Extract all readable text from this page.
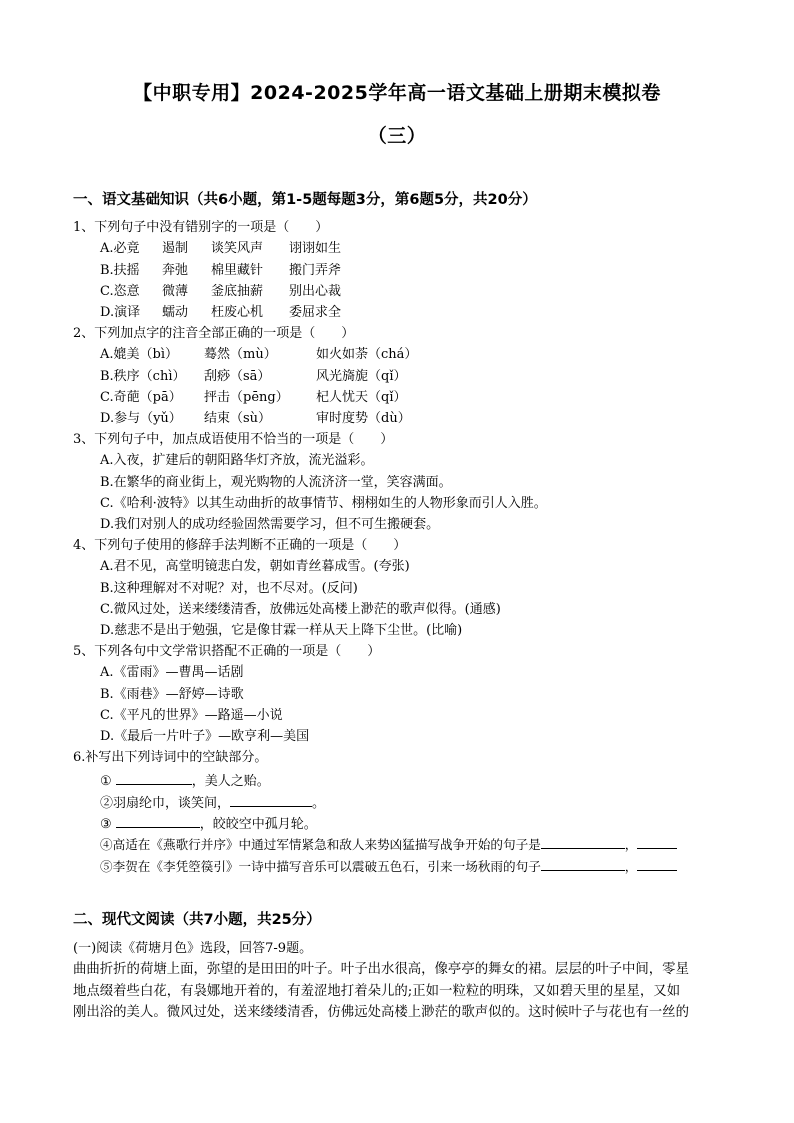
【中职专用】2024-2025学年高一语文基础上册期末模拟卷
（三）
一、语文基础知识（共6小题，第1-5题每题3分，第6题5分，共20分）
1、下列句子中没有错别字的一项是（　　）
A.必竟 遏制 谈笑风声 诩诩如生
B.扶摇 奔弛 棉里藏针 搬门弄斧
C.恣意 微薄 釜底抽薪 别出心裁
D.演译 蠕动 枉废心机 委屈求全
2、下列加点字的注音全部正确的一项是（　　）
A.媲美（bì） 蓦然（mù）	如火如荼（chá）
B.秩序（chì） 刮痧（sā）	风光旖旎（qǐ）
C.奇葩（pā） 抨击（pēng） 杞人忧天（qǐ）
D.参与（yǔ） 结束（sù）	审时度势（dù）
3、下列句子中，加点成语使用不恰当的一项是（　　）
A.入夜，扩建后的朝阳路华灯齐放，流光溢彩。
B.在繁华的商业街上，观光购物的人流济济一堂，笑容满面。
C.《哈利·波特》以其生动曲折的故事情节、栩栩如生的人物形象而引人入胜。
D.我们对别人的成功经验固然需要学习，但不可生搬硬套。
4、下列句子使用的修辞手法判断不正确的一项是（　　）
A.君不见，高堂明镜悲白发，朝如青丝暮成雪。(夸张)
B.这种理解对不对呢？对，也不尽对。(反问)
C.微风过处，送来缕缕清香，放佛远处高楼上渺茫的歌声似得。(通感)
D.慈悲不是出于勉强，它是像甘霖一样从天上降下尘世。(比喻)
5、下列各句中文学常识搭配不正确的一项是（　　）
A.《雷雨》—曹禺—话剧
B.《雨巷》—舒婷—诗歌
C.《平凡的世界》—路遥—小说
D.《最后一片叶子》—欧亨利—美国
6.补写出下列诗词中的空缺部分。
①	，美人之贻。
②羽扇纶巾，谈笑间，	。
③	，皎皎空中孤月轮。
④高适在《燕歌行并序》中通过军情紧急和敌人来势凶猛描写战争开始的句子是	，
⑤李贺在《李凭箜篌引》一诗中描写音乐可以震破五色石，引来一场秋雨的句子	，
二、现代文阅读（共7小题，共25分）
(一)阅读《荷塘月色》选段，回答7-9题。
曲曲折折的荷塘上面，弥望的是田田的叶子。叶子出水很高，像亭亭的舞女的裙。层层的叶子中间，零星
地点缀着些白花，有袅娜地开着的，有羞涩地打着朵儿的;正如一粒粒的明珠，又如碧天里的星星，又如
刚出浴的美人。微风过处，送来缕缕清香，仿佛远处高楼上渺茫的歌声似的。这时候叶子与花也有一丝的
